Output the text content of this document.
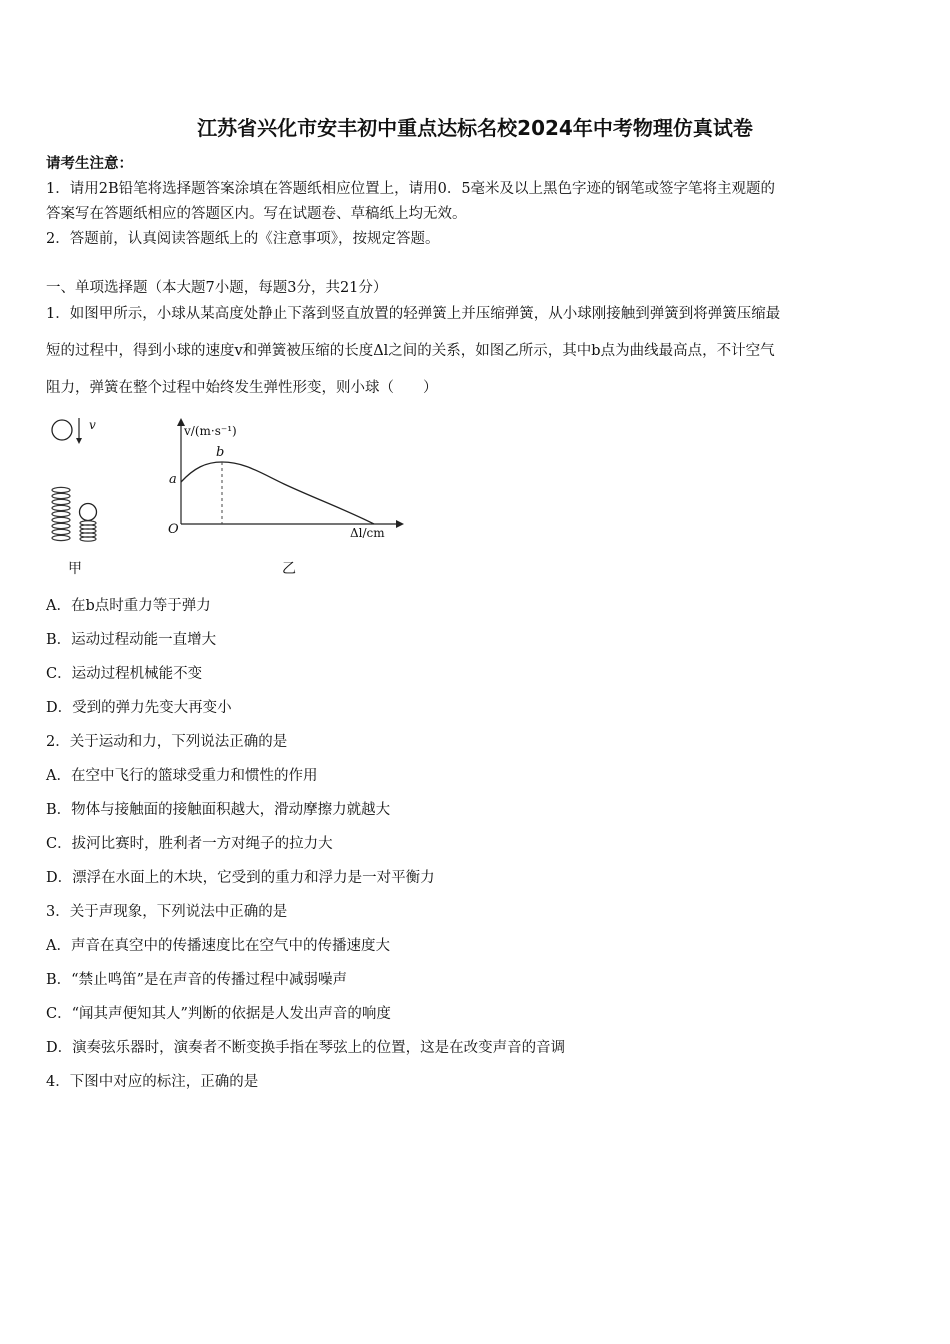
江苏省兴化市安丰初中重点达标名校2024年中考物理仿真试卷
请考生注意：
1．请用2B铅笔将选择题答案涂填在答题纸相应位置上，请用0．5毫米及以上黑色字迹的钢笔或签字笔将主观题的
答案写在答题纸相应的答题区内。写在试题卷、草稿纸上均无效。
2．答题前，认真阅读答题纸上的《注意事项》，按规定答题。
一、单项选择题（本大题7小题，每题3分，共21分）
1．如图甲所示，小球从某高度处静止下落到竖直放置的轻弹簧上并压缩弹簧，从小球刚接触到弹簧到将弹簧压缩最
短的过程中，得到小球的速度v和弹簧被压缩的长度Δl之间的关系，如图乙所示，其中b点为曲线最高点，不计空气
阻力，弹簧在整个过程中始终发生弹性形变，则小球（　　）
v	v/(m·s⁻¹)
a
b
O	Δl/cm
甲	乙
A．在b点时重力等于弹力
B．运动过程动能一直增大
C．运动过程机械能不变
D．受到的弹力先变大再变小
2．关于运动和力，下列说法正确的是
A．在空中飞行的篮球受重力和惯性的作用
B．物体与接触面的接触面积越大，滑动摩擦力就越大
C．拔河比赛时，胜利者一方对绳子的拉力大
D．漂浮在水面上的木块，它受到的重力和浮力是一对平衡力
3．关于声现象，下列说法中正确的是
A．声音在真空中的传播速度比在空气中的传播速度大
B．“禁止鸣笛”是在声音的传播过程中减弱噪声
C．“闻其声便知其人”判断的依据是人发出声音的响度
D．演奏弦乐器时，演奏者不断变换手指在琴弦上的位置，这是在改变声音的音调
4．下图中对应的标注，正确的是
